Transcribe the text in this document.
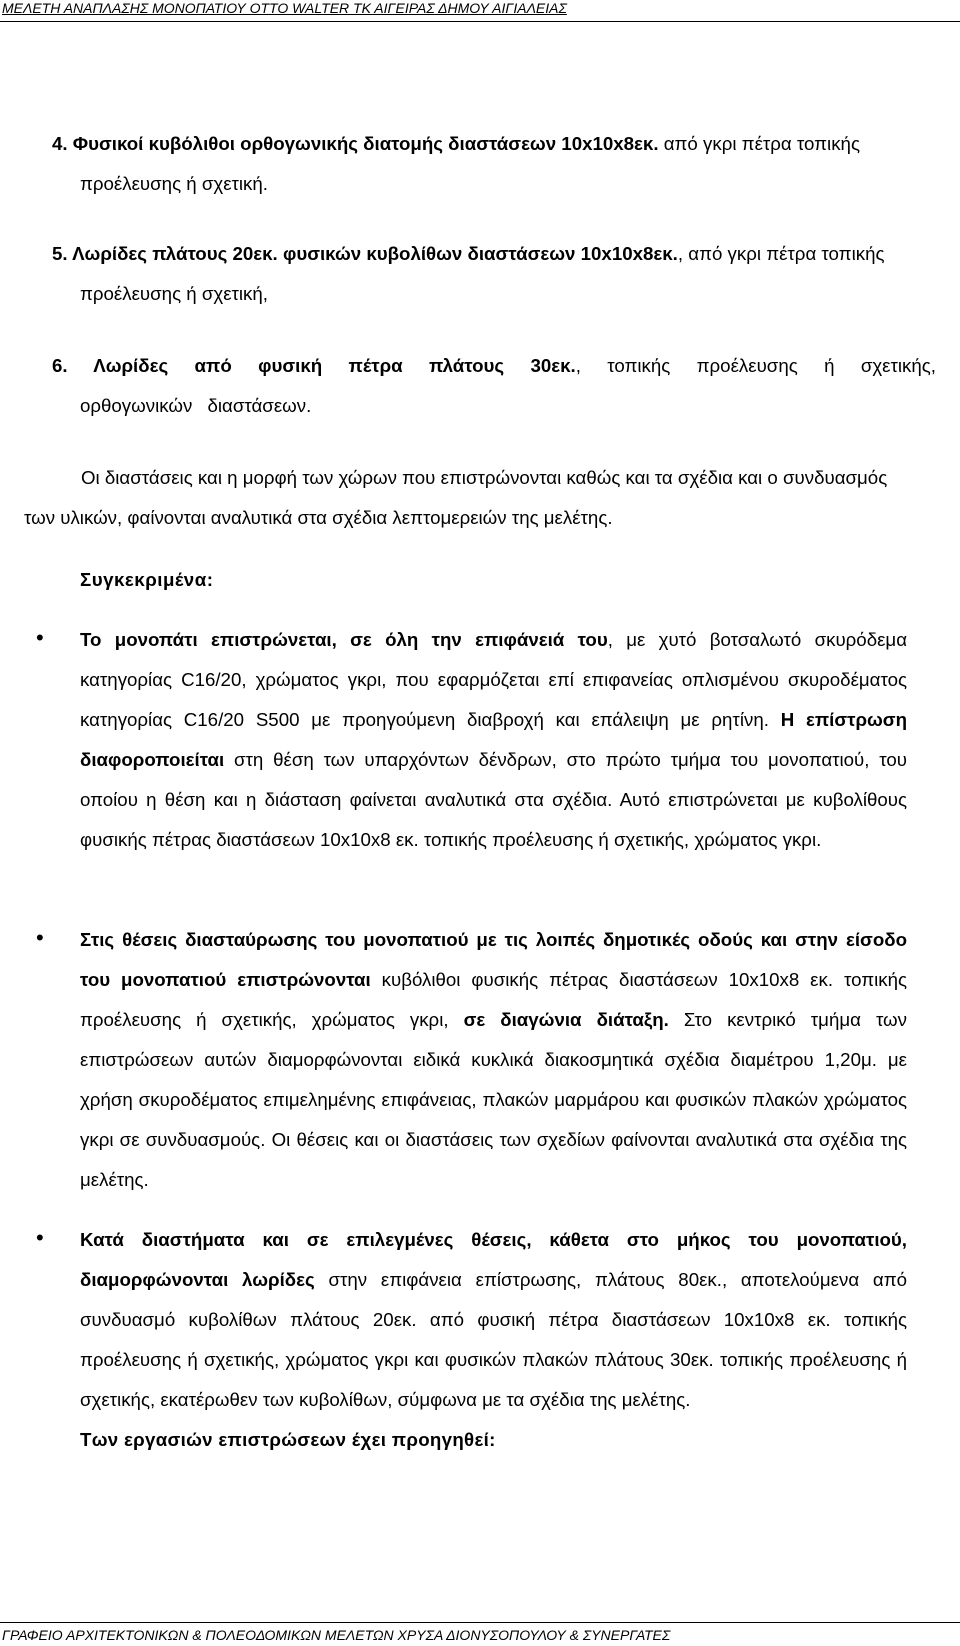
ΜΕΛΕΤΗ ΑΝΑΠΛΑΣΗΣ ΜΟΝΟΠΑΤΙΟΥ ΟΤΤΟ WALTER ΤΚ ΑΙΓΕΙΡΑΣ ΔΗΜΟΥ ΑΙΓΙΑΛΕΙΑΣ
4. Φυσικοί κυβόλιθοι ορθογωνικής διατομής διαστάσεων 10x10x8εκ. από γκρι πέτρα τοπικής προέλευσης ή σχετική.
5. Λωρίδες πλάτους 20εκ. φυσικών κυβολίθων διαστάσεων 10x10x8εκ., από γκρι πέτρα τοπικής προέλευσης ή σχετική,
6. Λωρίδες από φυσική πέτρα πλάτους 30εκ., τοπικής προέλευσης ή σχετικής, ορθογωνικών διαστάσεων.
Οι διαστάσεις και η μορφή των χώρων που επιστρώνονται καθώς και τα σχέδια και ο συνδυασμός των υλικών, φαίνονται αναλυτικά στα σχέδια λεπτομερειών της μελέτης.
Συγκεκριμένα:
• Το μονοπάτι επιστρώνεται, σε όλη την επιφάνειά του, με χυτό βοτσαλωτό σκυρόδεμα κατηγορίας C16/20, χρώματος γκρι, που εφαρμόζεται επί επιφανείας οπλισμένου σκυροδέματος κατηγορίας C16/20 S500 με προηγούμενη διαβροχή και επάλειψη με ρητίνη. Η επίστρωση διαφοροποιείται στη θέση των υπαρχόντων δένδρων, στο πρώτο τμήμα του μονοπατιού, του οποίου η θέση και η διάσταση φαίνεται αναλυτικά στα σχέδια. Αυτό επιστρώνεται με κυβολίθους φυσικής πέτρας διαστάσεων 10x10x8 εκ. τοπικής προέλευσης ή σχετικής, χρώματος γκρι.
• Στις θέσεις διασταύρωσης του μονοπατιού με τις λοιπές δημοτικές οδούς και στην είσοδο του μονοπατιού επιστρώνονται κυβόλιθοι φυσικής πέτρας διαστάσεων 10x10x8 εκ. τοπικής προέλευσης ή σχετικής, χρώματος γκρι, σε διαγώνια διάταξη. Στο κεντρικό τμήμα των επιστρώσεων αυτών διαμορφώνονται ειδικά κυκλικά διακοσμητικά σχέδια διαμέτρου 1,20μ. με χρήση σκυροδέματος επιμελημένης επιφάνειας, πλακών μαρμάρου και φυσικών πλακών χρώματος γκρι σε συνδυασμούς. Οι θέσεις και οι διαστάσεις των σχεδίων φαίνονται αναλυτικά στα σχέδια της μελέτης.
• Κατά διαστήματα και σε επιλεγμένες θέσεις, κάθετα στο μήκος του μονοπατιού, διαμορφώνονται λωρίδες στην επιφάνεια επίστρωσης, πλάτους 80εκ., αποτελούμενα από συνδυασμό κυβολίθων πλάτους 20εκ. από φυσική πέτρα διαστάσεων 10x10x8 εκ. τοπικής προέλευσης ή σχετικής, χρώματος γκρι και φυσικών πλακών πλάτους 30εκ. τοπικής προέλευσης ή σχετικής, εκατέρωθεν των κυβολίθων, σύμφωνα με τα σχέδια της μελέτης.
Των εργασιών επιστρώσεων έχει προηγηθεί:
ΓΡΑΦΕΙΟ ΑΡΧΙΤΕΚΤΟΝΙΚΩΝ & ΠΟΛΕΟΔΟΜΙΚΩΝ ΜΕΛΕΤΩΝ ΧΡΥΣΑ ΔΙΟΝΥΣΟΠΟΥΛΟΥ & ΣΥΝΕΡΓΑΤΕΣ
